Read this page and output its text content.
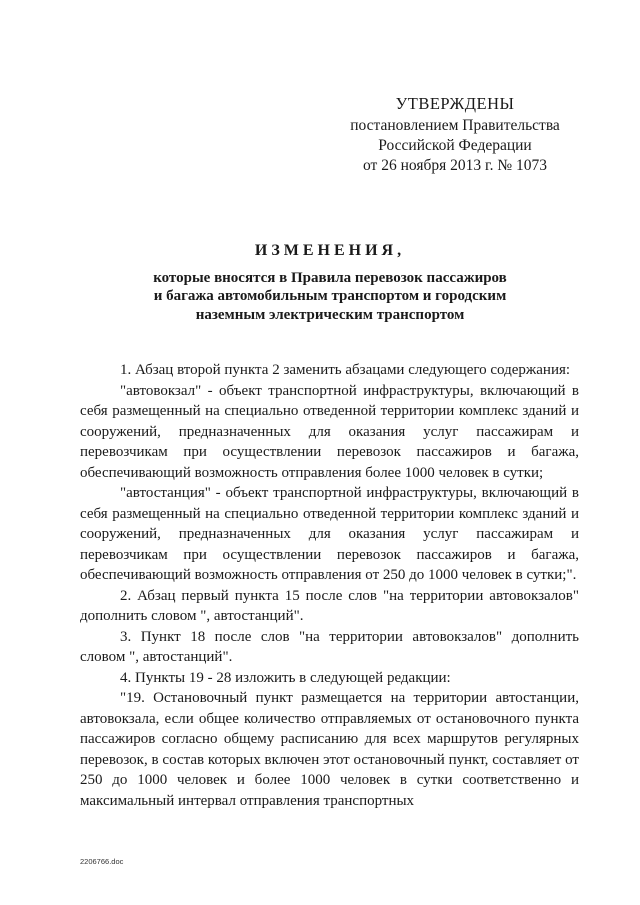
УТВЕРЖДЕНЫ
постановлением Правительства
Российской Федерации
от 26 ноября 2013 г. № 1073
ИЗМЕНЕНИЯ,
которые вносятся в Правила перевозок пассажиров
и багажа автомобильным транспортом и городским
наземным электрическим транспортом

1. Абзац второй пункта 2 заменить абзацами следующего содержания:

"автовокзал" - объект транспортной инфраструктуры, включающий в себя размещенный на специально отведенной территории комплекс зданий и сооружений, предназначенных для оказания услуг пассажирам и перевозчикам при осуществлении перевозок пассажиров и багажа, обеспечивающий возможность отправления более 1000 человек в сутки;

"автостанция" - объект транспортной инфраструктуры, включающий в себя размещенный на специально отведенной территории комплекс зданий и сооружений, предназначенных для оказания услуг пассажирам и перевозчикам при осуществлении перевозок пассажиров и багажа, обеспечивающий возможность отправления от 250 до 1000 человек в сутки;".

2. Абзац первый пункта 15 после слов "на территории автовокзалов" дополнить словом ", автостанций".

3. Пункт 18 после слов "на территории автовокзалов" дополнить словом ", автостанций".

4. Пункты 19 - 28 изложить в следующей редакции:

"19. Остановочный пункт размещается на территории автостанции, автовокзала, если общее количество отправляемых от остановочного пункта пассажиров согласно общему расписанию для всех маршрутов регулярных перевозок, в состав которых включен этот остановочный пункт, составляет от 250 до 1000 человек и более 1000 человек в сутки соответственно и максимальный интервал отправления транспортных

2206766.doc
